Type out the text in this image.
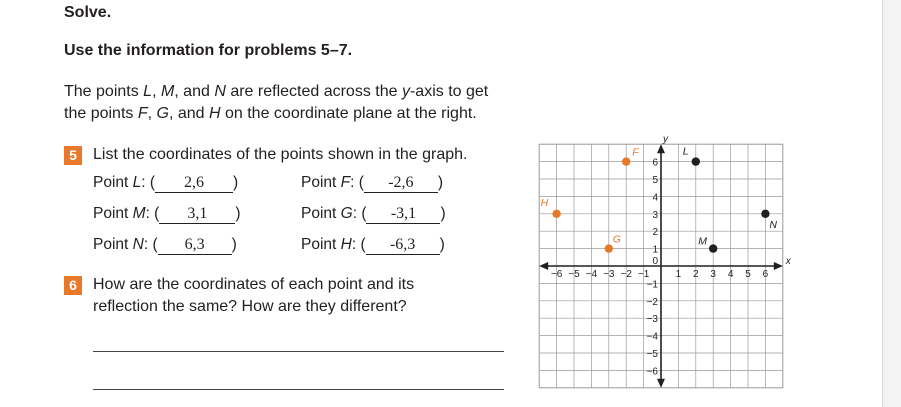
Solve.
Use the information for problems 5–7.
The points L, M, and N are reflected across the y-axis to get
the points F, G, and H on the coordinate plane at the right.
5	List the coordinates of the points shown in the graph.
Point L: ( 2,6 )
Point M: ( 3,1 )
Point N: ( 6,3 )
Point F: ( -2,6 )
Point G: ( -3,1 )
Point H: ( -6,3 )
6	How are the coordinates of each point and its
reflection the same? How are they different?
x
y
−6 −5 −4 −3 −2 −1	1 2 3 4 5 6
6
5
4
3
2
1
−1
−2
−3
−4
−5
−6
0
L
M
N
F
G
H
